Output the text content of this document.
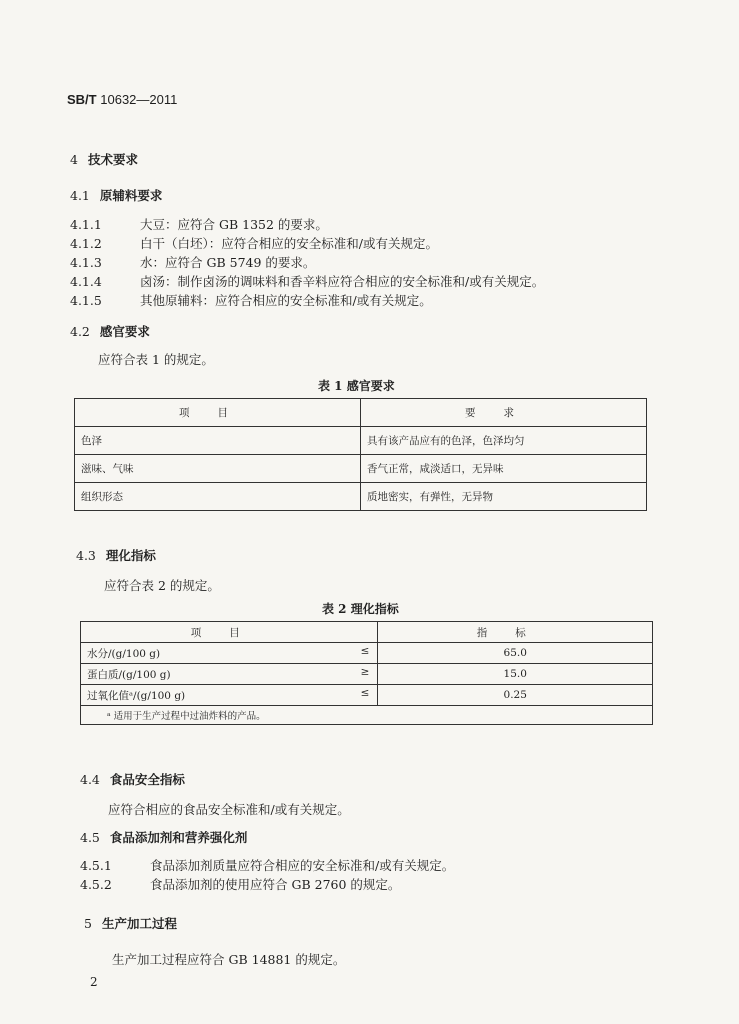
SB/T 10632—2011
4 技术要求
4.1 原辅料要求
4.1.1	大豆：应符合 GB 1352 的要求。
4.1.2	白干（白坯）：应符合相应的安全标准和/或有关规定。
4.1.3	水：应符合 GB 5749 的要求。
4.1.4	卤汤：制作卤汤的调味料和香辛料应符合相应的安全标准和/或有关规定。
4.1.5	其他原辅料：应符合相应的安全标准和/或有关规定。
4.2 感官要求
应符合表 1 的规定。
表 1 感官要求
项目	要求
色泽	具有该产品应有的色泽，色泽均匀
滋味、气味	香气正常，咸淡适口，无异味
组织形态	质地密实，有弹性，无异物
4.3 理化指标
应符合表 2 的规定。
表 2 理化指标
项目	指标
水分/(g/100 g) ≤	65.0
蛋白质/(g/100 g) ≥	15.0
过氧化值ᵃ/(g/100 g) ≤	0.25
ᵃ 适用于生产过程中过油炸料的产品。	
4.4 食品安全指标
应符合相应的食品安全标准和/或有关规定。
4.5 食品添加剂和营养强化剂
4.5.1	食品添加剂质量应符合相应的安全标准和/或有关规定。
4.5.2	食品添加剂的使用应符合 GB 2760 的规定。
5 生产加工过程
生产加工过程应符合 GB 14881 的规定。
2
